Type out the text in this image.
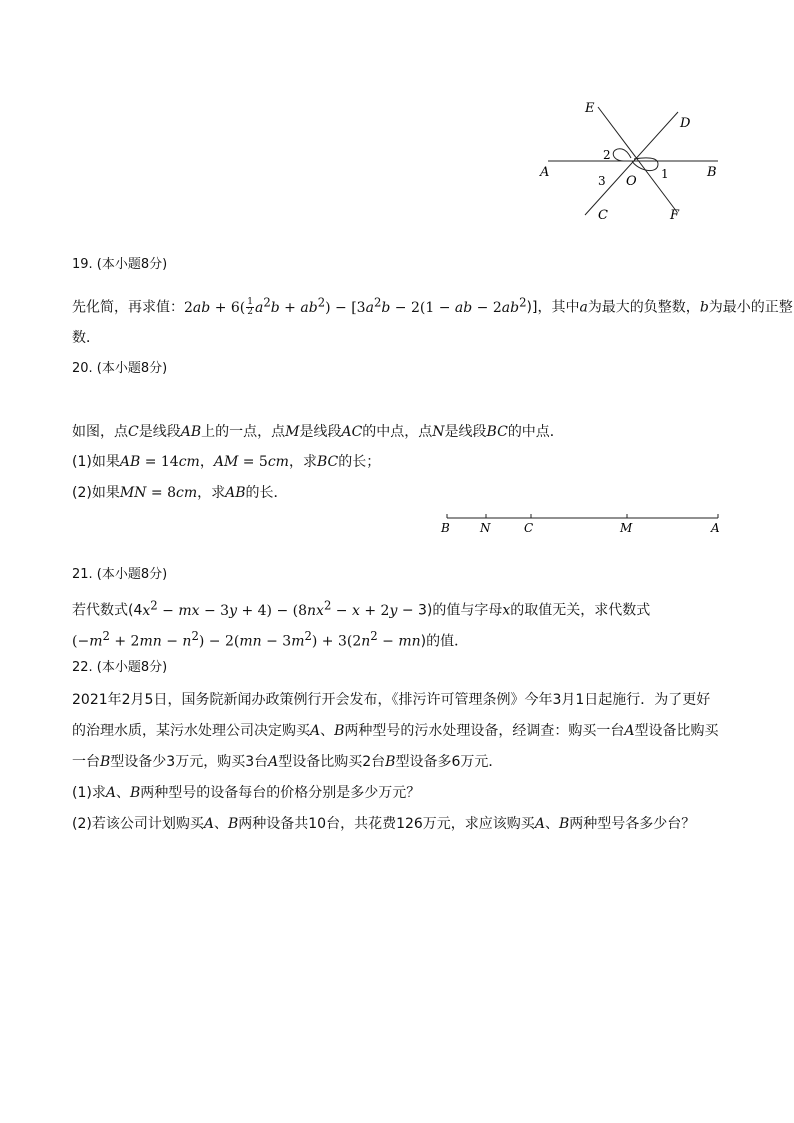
E
D
A	B
O
C	F
1
2
3
19. (本小题8分)
先化简，再求值：$2ab + 6( \frac{1}{2} a^2b + ab^2) - [3a^2b - 2(1$ − ab − $2ab^2$)]，其中a为最大的负整数，b为最小的正整
数．
20. (本小题8分)
如图，点C是线段AB上的一点，点M是线段AC的中点，点N是线段BC的中点．
(1)如果AB = 14cm，AM = 5cm，求BC的长；
(2)如果MN = 8cm，求AB的长．
B	N	C	M	A
21. (本小题8分)
若代数式($4x^2$ − mx − $3y + 4) - (8nx^2 - x + 2y - 3)$的值与字母x的取值无关，求代数式
$(-m^2 + 2mn - n^2) - 2(mn - 3m^2) + 3(2n^2 - mn)$的值．
22. (本小题8分)
2021年2月5日，国务院新闻办政策例行开会发布，《排污许可管理条例》今年3月1日起施行．为了更好
的治理水质，某污水处理公司决定购买A、B两种型号的污水处理设备，经调查：购买一台A型设备比购买
一台B型设备少3万元，购买3台A型设备比购买2台B型设备多6万元．
(1)求A、B两种型号的设备每台的价格分别是多少万元？
(2)若该公司计划购买A、B两种设备共10台，共花费126万元，求应该购买A、B两种型号各多少台？
